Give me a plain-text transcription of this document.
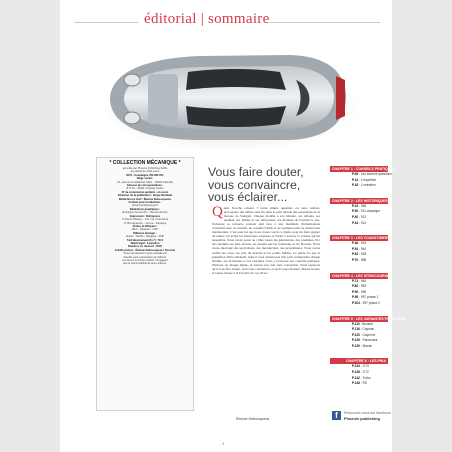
éditorial | sommaire
* COLLECTION MÉCANIQUE *
est édité par Phoenix Publishing SARL
au capital de 1000 euros
RCS : Compiègne 789 393 671
Siège social :
23, avenue du Maréchal Joffre – 60500 Chantilly
Adresse de correspondance :
B.P. 60 – 60011 Chantilly Cedex
N° de commission paritaire : en cours
Directeur de la publication : Serge Rouhaud
Rédaction en chef : Étienne Deboosquens
Contact pour la rédaction :
phoenixpub@orange.fr
Rédactions graphiques :
Rodolphe Conversion – Bernard Drioux
Impression : Rotimpress
C/ Pla de l'Estany – Pol. Ind. Casa Nova
17181 Aiguaviva – Girona – Espagne
Ventes et diffusion :
MLP – Réassort : NAP
Diffusion étranger :
Suisse : Naville – Belgique : AMP
Tarif abonnement (6 n°) : 50 €
Dépôt légal : à parution
Numéros en réassort : NAP
Crédits photos : Étienne Deboosquens / Porsche
Toute reproduction même partielle est
interdite sans autorisation de l'éditeur.
Les textes et photos publiés n'engagent
que la responsabilité de leurs auteurs.
Vous faire douter,
vous convaincre,
vous éclairer...
Quels Porsche acheter ? Cette simple question, en toute rentrée, provoquera des débats sans fin dans le petit monde des passionnés de la marque de Stuttgart. Chaque modèle a son histoire, ses défauts, ses qualités, ses fidèles et ses détracteurs. Au moment de franchir le pas, l'acheteur se retrouve souvent seul face à une multitude d'informations contradictoires, de forums, de conseils d'amis et de vendeurs plus ou moins bien intentionnés. C'est pour lui que nous avons conçu ce guide, pour lui faire gagner du temps, lui éviter les mauvaises surprises et l'aider à trouver la voiture qui lui ressemble. Nous avons passé au crible toutes les générations, des premières 911 aux modèles les plus récents, en passant par les transaxles et les Boxster. Nous avons interrogé des spécialistes, des mécaniciens, des propriétaires. Nous avons vérifié les cotes, les prix du marché et les points faibles. Ce guide n'a pas la prétention d'être exhaustif, mais il vous donnera les clés pour comprendre chaque modèle, ses évolutions et ses variantes. Vous y trouverez nos conseils pratiques, l'histoire de chaque lignée, et surtout nos avis sans concession. Nous espérons qu'il vous fera douter, qu'il vous convaincra, et qu'il vous éclairera. Bonne lecture et bonne chasse à la Porsche de vos rêves !
Étienne Deboosquens
CHAPITRE 1 : CONSEILS PRATIQUES
P.06 : Les bonnes questions
P.14 : L'expertise
P.18 : L'entretien
CHAPITRE 2 : LES HISTORIQUES
P.24 : 356
P.30 : 911 classique
P.40 : 912
P.44 : 914
CHAPITRE 3 : LES YOUNGTIMERS
P.48 : 924
P.54 : 944
P.62 : 928
P.70 : 968
CHAPITRE 4 : LES SITNOCOURSES
P.74 : 964
P.82 : 993
P.90 : 996
P.98 : 997 phase 1
P.104 : 997 phase 2
CHAPITRE 5 : LES VARIANTES POUR TOUS
P.110 : Boxster
P.116 : Cayman
P.120 : Cayenne
P.126 : Panamera
P.130 : Macan
CHAPITRE 6 : LES PIKA
P.134 : GT3
P.138 : GT2
P.142 : Turbo
P.146 : RS
f	Retrouvez-nous sur facebook
Phoenix publishing
- 3 -
